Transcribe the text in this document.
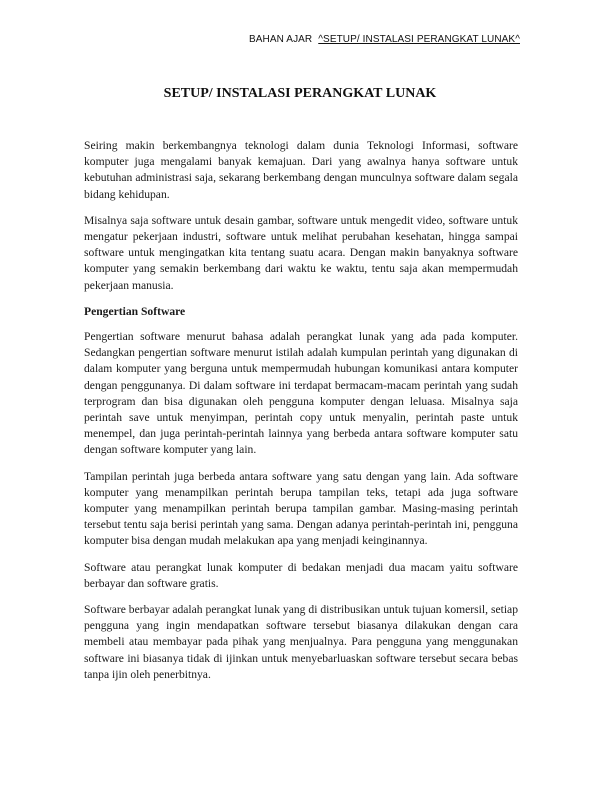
BAHAN AJAR ^SETUP/ INSTALASI PERANGKAT LUNAK^
SETUP/ INSTALASI PERANGKAT LUNAK

Seiring makin berkembangnya teknologi dalam dunia Teknologi Informasi, software komputer juga mengalami banyak kemajuan. Dari yang awalnya hanya software untuk kebutuhan administrasi saja, sekarang berkembang dengan munculnya software dalam segala bidang kehidupan.

Misalnya saja software untuk desain gambar, software untuk mengedit video, software untuk mengatur pekerjaan industri, software untuk melihat perubahan kesehatan, hingga sampai software untuk mengingatkan kita tentang suatu acara. Dengan makin banyaknya software komputer yang semakin berkembang dari waktu ke waktu, tentu saja akan mempermudah pekerjaan manusia.

Pengertian Software

Pengertian software menurut bahasa adalah perangkat lunak yang ada pada komputer. Sedangkan pengertian software menurut istilah adalah kumpulan perintah yang digunakan di dalam komputer yang berguna untuk mempermudah hubungan komunikasi antara komputer dengan penggunanya. Di dalam software ini terdapat bermacam-macam perintah yang sudah terprogram dan bisa digunakan oleh pengguna komputer dengan leluasa. Misalnya saja perintah save untuk menyimpan, perintah copy untuk menyalin, perintah paste untuk menempel, dan juga perintah-perintah lainnya yang berbeda antara software komputer satu dengan software komputer yang lain.

Tampilan perintah juga berbeda antara software yang satu dengan yang lain. Ada software komputer yang menampilkan perintah berupa tampilan teks, tetapi ada juga software komputer yang menampilkan perintah berupa tampilan gambar. Masing-masing perintah tersebut tentu saja berisi perintah yang sama. Dengan adanya perintah-perintah ini, pengguna komputer bisa dengan mudah melakukan apa yang menjadi keinginannya.

Software atau perangkat lunak komputer di bedakan menjadi dua macam yaitu software berbayar dan software gratis.

Software berbayar adalah perangkat lunak yang di distribusikan untuk tujuan komersil, setiap pengguna yang ingin mendapatkan software tersebut biasanya dilakukan dengan cara membeli atau membayar pada pihak yang menjualnya. Para pengguna yang menggunakan software ini biasanya tidak di ijinkan untuk menyebarluaskan software tersebut secara bebas tanpa ijin oleh penerbitnya.
